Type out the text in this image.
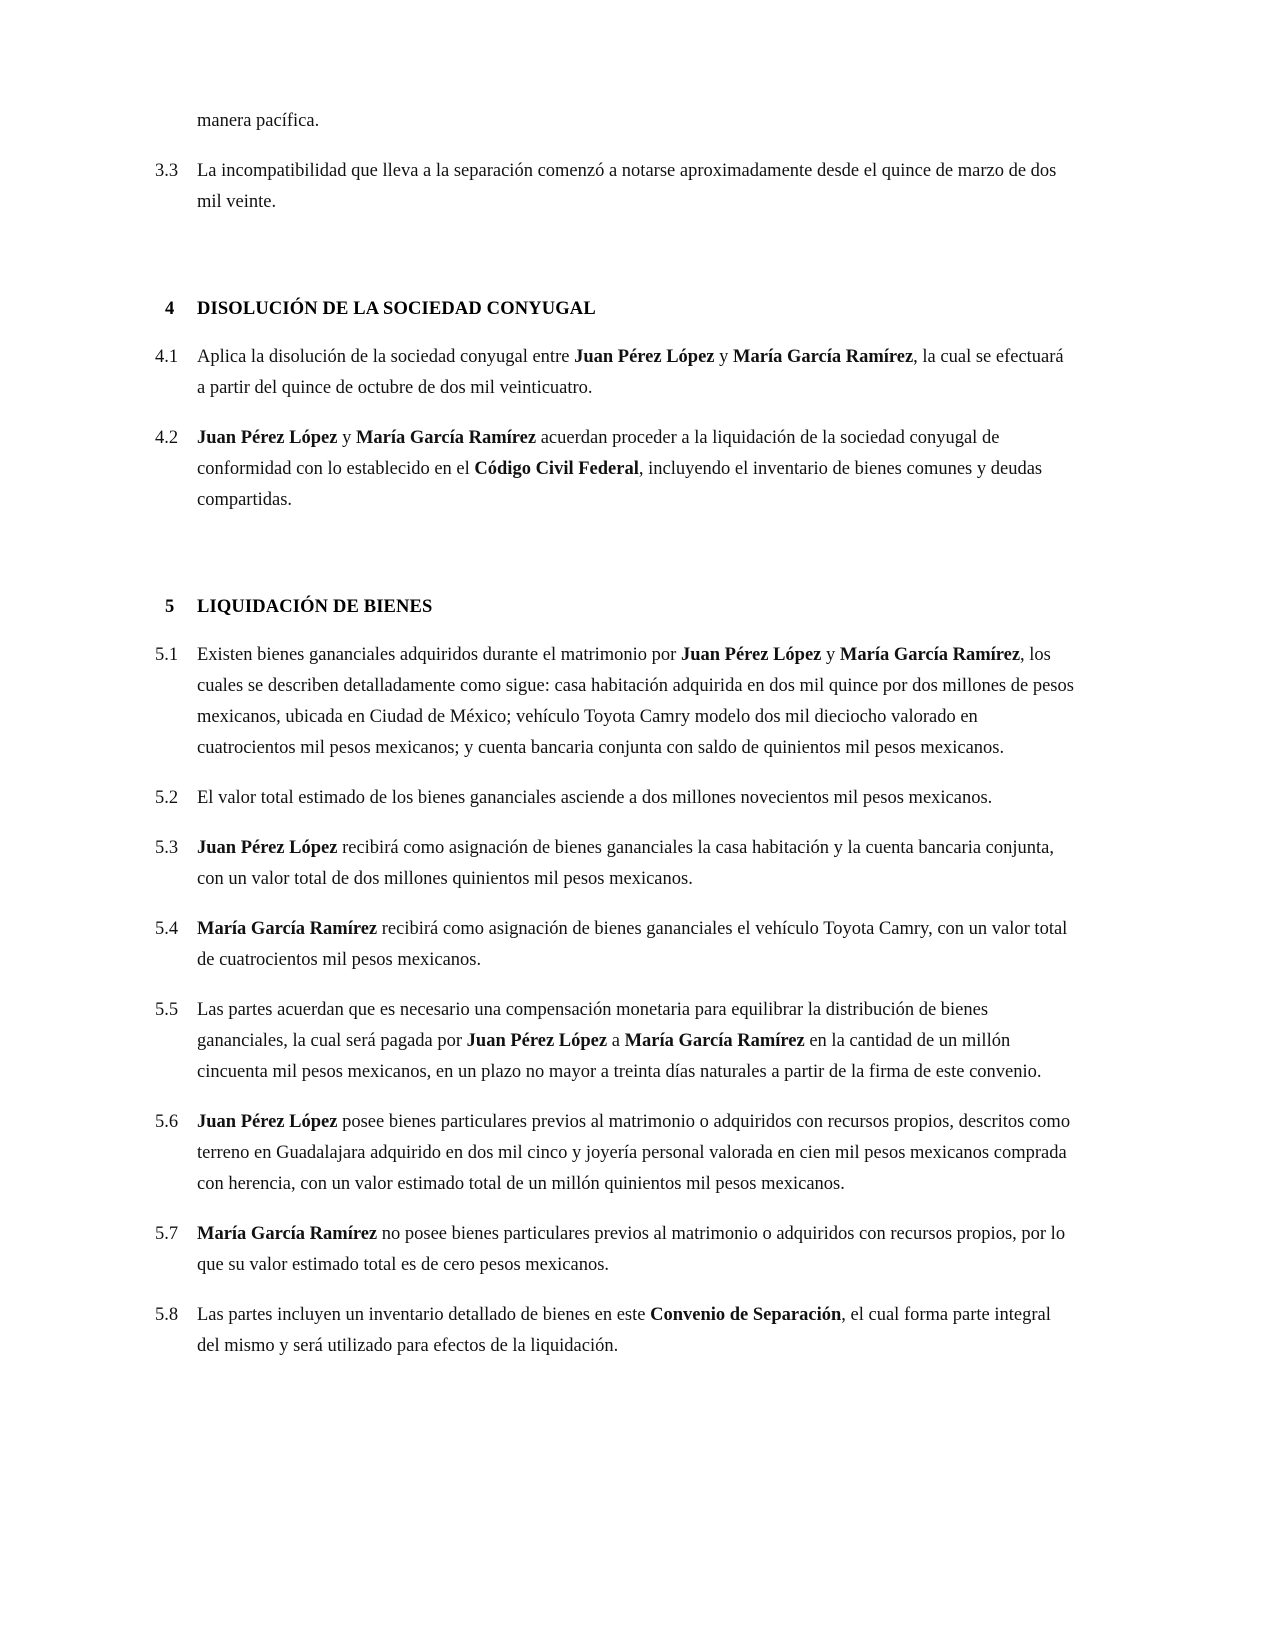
manera pacífica.
3.3	La incompatibilidad que lleva a la separación comenzó a notarse aproximadamente desde el quince de marzo de dos mil veinte.
4	DISOLUCIÓN DE LA SOCIEDAD CONYUGAL
4.1	Aplica la disolución de la sociedad conyugal entre Juan Pérez López y María García Ramírez, la cual se efectuará a partir del quince de octubre de dos mil veinticuatro.
4.2	Juan Pérez López y María García Ramírez acuerdan proceder a la liquidación de la sociedad conyugal de conformidad con lo establecido en el Código Civil Federal, incluyendo el inventario de bienes comunes y deudas compartidas.
5	LIQUIDACIÓN DE BIENES
5.1	Existen bienes gananciales adquiridos durante el matrimonio por Juan Pérez López y María García Ramírez, los cuales se describen detalladamente como sigue: casa habitación adquirida en dos mil quince por dos millones de pesos mexicanos, ubicada en Ciudad de México; vehículo Toyota Camry modelo dos mil dieciocho valorado en cuatrocientos mil pesos mexicanos; y cuenta bancaria conjunta con saldo de quinientos mil pesos mexicanos.
5.2	El valor total estimado de los bienes gananciales asciende a dos millones novecientos mil pesos mexicanos.
5.3	Juan Pérez López recibirá como asignación de bienes gananciales la casa habitación y la cuenta bancaria conjunta, con un valor total de dos millones quinientos mil pesos mexicanos.
5.4	María García Ramírez recibirá como asignación de bienes gananciales el vehículo Toyota Camry, con un valor total de cuatrocientos mil pesos mexicanos.
5.5	Las partes acuerdan que es necesario una compensación monetaria para equilibrar la distribución de bienes gananciales, la cual será pagada por Juan Pérez López a María García Ramírez en la cantidad de un millón cincuenta mil pesos mexicanos, en un plazo no mayor a treinta días naturales a partir de la firma de este convenio.
5.6	Juan Pérez López posee bienes particulares previos al matrimonio o adquiridos con recursos propios, descritos como terreno en Guadalajara adquirido en dos mil cinco y joyería personal valorada en cien mil pesos mexicanos comprada con herencia, con un valor estimado total de un millón quinientos mil pesos mexicanos.
5.7	María García Ramírez no posee bienes particulares previos al matrimonio o adquiridos con recursos propios, por lo que su valor estimado total es de cero pesos mexicanos.
5.8	Las partes incluyen un inventario detallado de bienes en este Convenio de Separación, el cual forma parte integral del mismo y será utilizado para efectos de la liquidación.
